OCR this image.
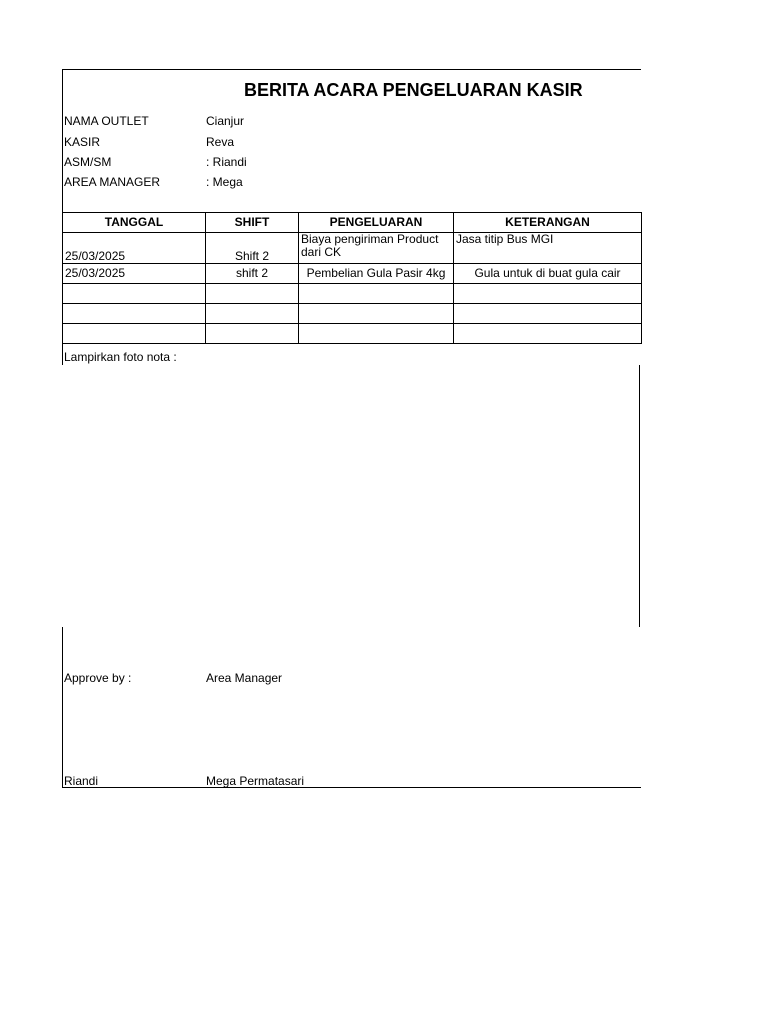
BERITA ACARA PENGELUARAN KASIR
NAMA OUTLET	Cianjur
KASIR	Reva
ASM/SM	: Riandi
AREA MANAGER	: Mega
TANGGAL	SHIFT	PENGELUARAN	KETERANGAN
25/03/2025	Shift 2	Biaya pengiriman Product dari CK	Jasa titip Bus MGI
25/03/2025	shift 2	Pembelian Gula Pasir 4kg	Gula untuk di buat gula cair

Lampirkan foto nota :
Approve by :	Area Manager
Riandi	Mega Permatasari
